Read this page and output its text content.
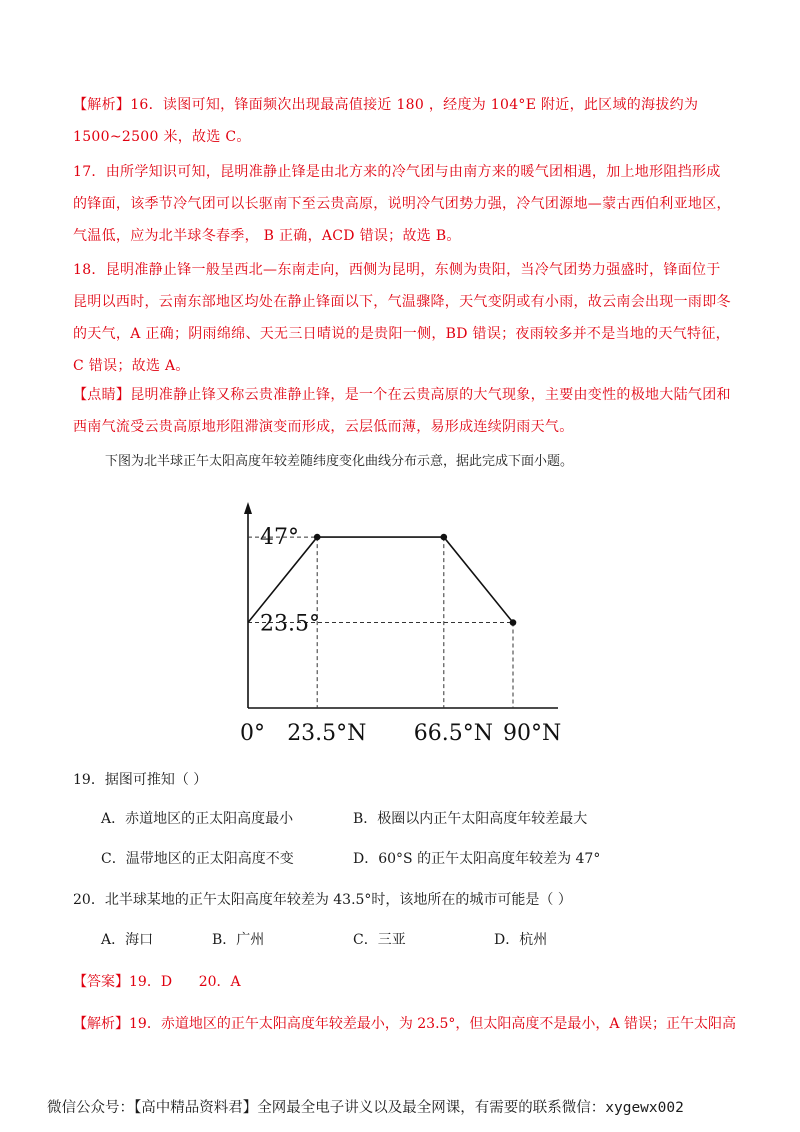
【解析】16．读图可知，锋面频次出现最高值接近 180 ，经度为 104°E 附近，此区域的海拔约为 1500~2500 米，故选 C。
17．由所学知识可知，昆明准静止锋是由北方来的冷气团与由南方来的暖气团相遇，加上地形阻挡形成的锋面，该季节冷气团可以长驱南下至云贵高原，说明冷气团势力强，冷气团源地—蒙古西伯利亚地区，气温低，应为北半球冬春季， B 正确，ACD 错误；故选 B。
18．昆明准静止锋一般呈西北—东南走向，西侧为昆明，东侧为贵阳，当冷气团势力强盛时，锋面位于昆明以西时，云南东部地区均处在静止锋面以下，气温骤降，天气变阴或有小雨，故云南会出现一雨即冬的天气，A 正确；阴雨绵绵、天无三日晴说的是贵阳一侧，BD 错误；夜雨较多并不是当地的天气特征，C 错误；故选 A。
【点睛】昆明准静止锋又称云贵准静止锋，是一个在云贵高原的大气现象，主要由变性的极地大陆气团和西南气流受云贵高原地形阻滞演变而形成，云层低而薄，易形成连续阴雨天气。
下图为北半球正午太阳高度年较差随纬度变化曲线分布示意，据此完成下面小题。
47°
23.5°
0° 23.5°N 66.5°N 90°N
19．据图可推知（ ）
A．赤道地区的正太阳高度最小	B．极圈以内正午太阳高度年较差最大
C．温带地区的正太阳高度不变	D．60°S 的正午太阳高度年较差为 47°
20．北半球某地的正午太阳高度年较差为 43.5°时，该地所在的城市可能是（ ）
A．海口	B．广州	C．三亚	D．杭州
【答案】19．D      20．A
【解析】19．赤道地区的正午太阳高度年较差最小，为 23.5°，但太阳高度不是最小，A 错误；正午太阳高
微信公众号：【高中精品资料君】全网最全电子讲义以及最全网课，有需要的联系微信：xygewx002
